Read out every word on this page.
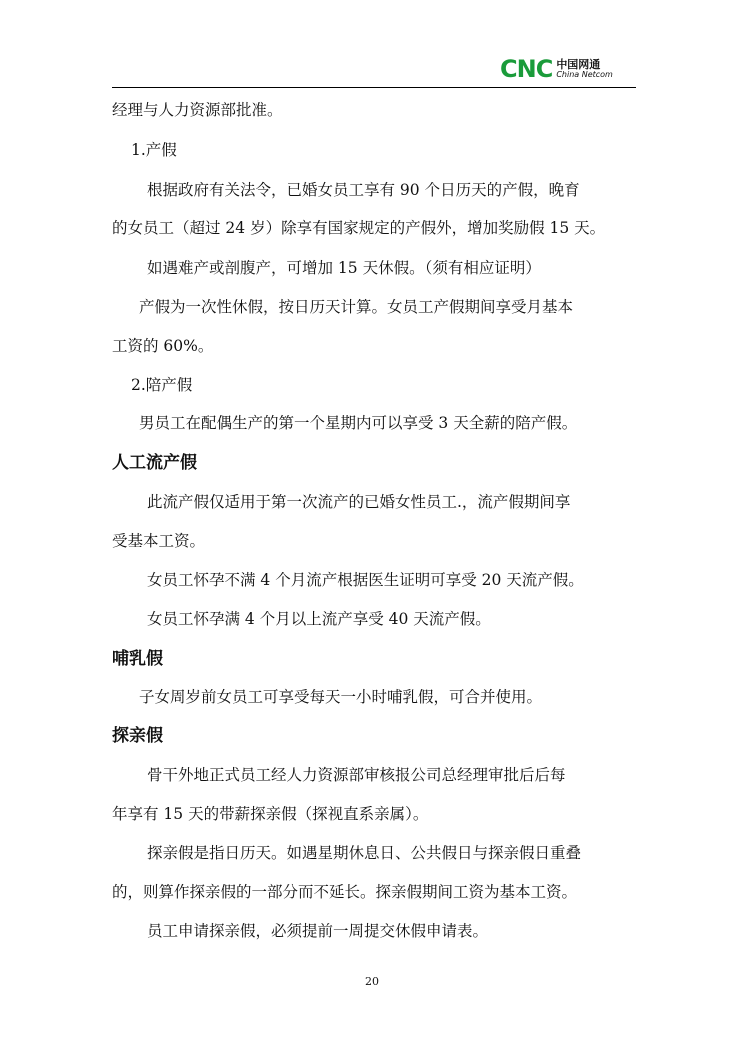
CNC 中国网通
China Netcom
经理与人力资源部批准。
1.产假
根据政府有关法令，已婚女员工享有 90 个日历天的产假，晚育
的女员工（超过 24 岁）除享有国家规定的产假外，增加奖励假 15 天。
如遇难产或剖腹产，可增加 15 天休假。（须有相应证明）
产假为一次性休假，按日历天计算。女员工产假期间享受月基本
工资的 60%。
2.陪产假
男员工在配偶生产的第一个星期内可以享受 3 天全薪的陪产假。
人工流产假
此流产假仅适用于第一次流产的已婚女性员工.，流产假期间享
受基本工资。
女员工怀孕不满 4 个月流产根据医生证明可享受 20 天流产假。
女员工怀孕满 4 个月以上流产享受 40 天流产假。
哺乳假
子女周岁前女员工可享受每天一小时哺乳假，可合并使用。
探亲假
骨干外地正式员工经人力资源部审核报公司总经理审批后后每
年享有 15 天的带薪探亲假（探视直系亲属）。
探亲假是指日历天。如遇星期休息日、公共假日与探亲假日重叠
的，则算作探亲假的一部分而不延长。探亲假期间工资为基本工资。
员工申请探亲假，必须提前一周提交休假申请表。
20
